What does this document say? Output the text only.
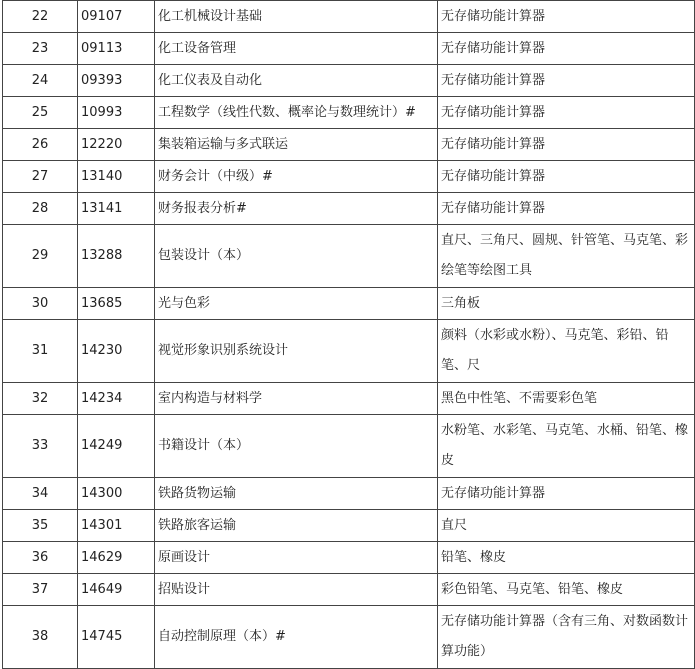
22	09107	化工机械设计基础	无存储功能计算器
23	09113	化工设备管理	无存储功能计算器
24	09393	化工仪表及自动化	无存储功能计算器
25	10993	工程数学（线性代数、概率论与数理统计）#	无存储功能计算器
26	12220	集装箱运输与多式联运	无存储功能计算器
27	13140	财务会计（中级）#	无存储功能计算器
28	13141	财务报表分析#	无存储功能计算器
29	13288	包装设计（本）	直尺、三角尺、圆规、针管笔、马克笔、彩绘笔等绘图工具
30	13685	光与色彩	三角板
31	14230	视觉形象识别系统设计	颜料（水彩或水粉）、马克笔、彩铅、铅笔、尺
32	14234	室内构造与材料学	黑色中性笔、不需要彩色笔
33	14249	书籍设计（本）	水粉笔、水彩笔、马克笔、水桶、铅笔、橡皮
34	14300	铁路货物运输	无存储功能计算器
35	14301	铁路旅客运输	直尺
36	14629	原画设计	铅笔、橡皮
37	14649	招贴设计	彩色铅笔、马克笔、铅笔、橡皮
38	14745	自动控制原理（本）#	无存储功能计算器（含有三角、对数函数计算功能）
